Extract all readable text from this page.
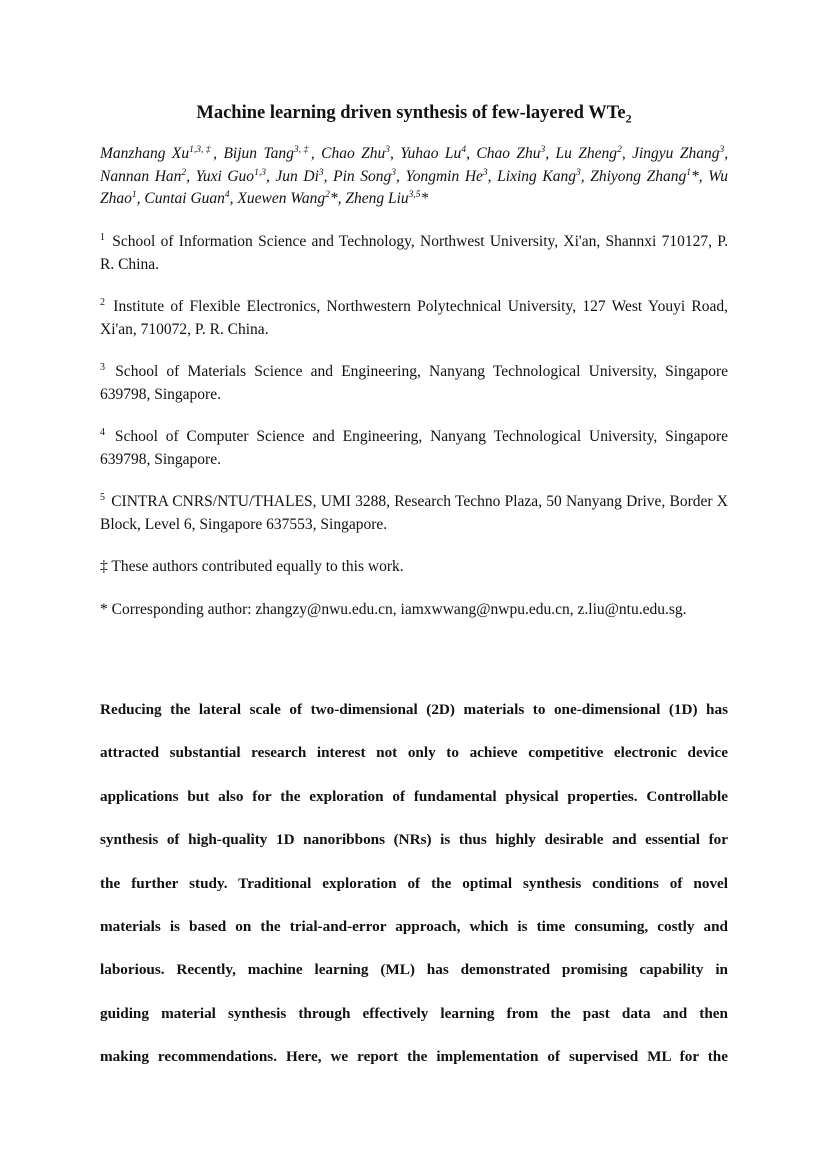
Machine learning driven synthesis of few-layered WTe$_2$
Manzhang $Xu^{1,3,\ddagger}$, Bijun Tang$^{3,\ddagger}$, Chao Zhu$^3$, Yuhao Lu$^4$, Chao Zhu$^3$, Lu Zheng$^2$, Jingyu Zhang$^3$, Nannan Han$^2$, Yuxi Guo$^{1,3}$, Jun Di$^3$, Pin Song$^3$, Yongmin He$^3$, Lixing Kang$^3$, Zhiyong Zhang$^1$*, Wu Zhao$^1$, Cuntai Guan$^4$, Xuewen Wang$^2$*, Zheng Liu$^{3,5}$*
$^1$ School of Information Science and Technology, Northwest University, Xi'an, Shannxi 710127, P. R. China.
$^2$ Institute of Flexible Electronics, Northwestern Polytechnical University, 127 West Youyi Road, Xi'an, 710072, P. R. China.
$^3$ School of Materials Science and Engineering, Nanyang Technological University, Singapore 639798, Singapore.
$^4$ School of Computer Science and Engineering, Nanyang Technological University, Singapore 639798, Singapore.
$^5$ CINTRA CNRS/NTU/THALES, UMI 3288, Research Techno Plaza, 50 Nanyang Drive, Border X Block, Level 6, Singapore 637553, Singapore.
‡ These authors contributed equally to this work.
* Corresponding author: zhangzy@nwu.edu.cn, iamxwwang@nwpu.edu.cn, z.liu@ntu.edu.sg.
Reducing the lateral scale of two-dimensional (2D) materials to one-dimensional (1D) has
attracted substantial research interest not only to achieve competitive electronic device
applications but also for the exploration of fundamental physical properties. Controllable
synthesis of high-quality 1D nanoribbons (NRs) is thus highly desirable and essential for
the further study. Traditional exploration of the optimal synthesis conditions of novel
materials is based on the trial-and-error approach, which is time consuming, costly and
laborious. Recently, machine learning (ML) has demonstrated promising capability in
guiding material synthesis through effectively learning from the past data and then
making recommendations. Here, we report the implementation of supervised ML for the
